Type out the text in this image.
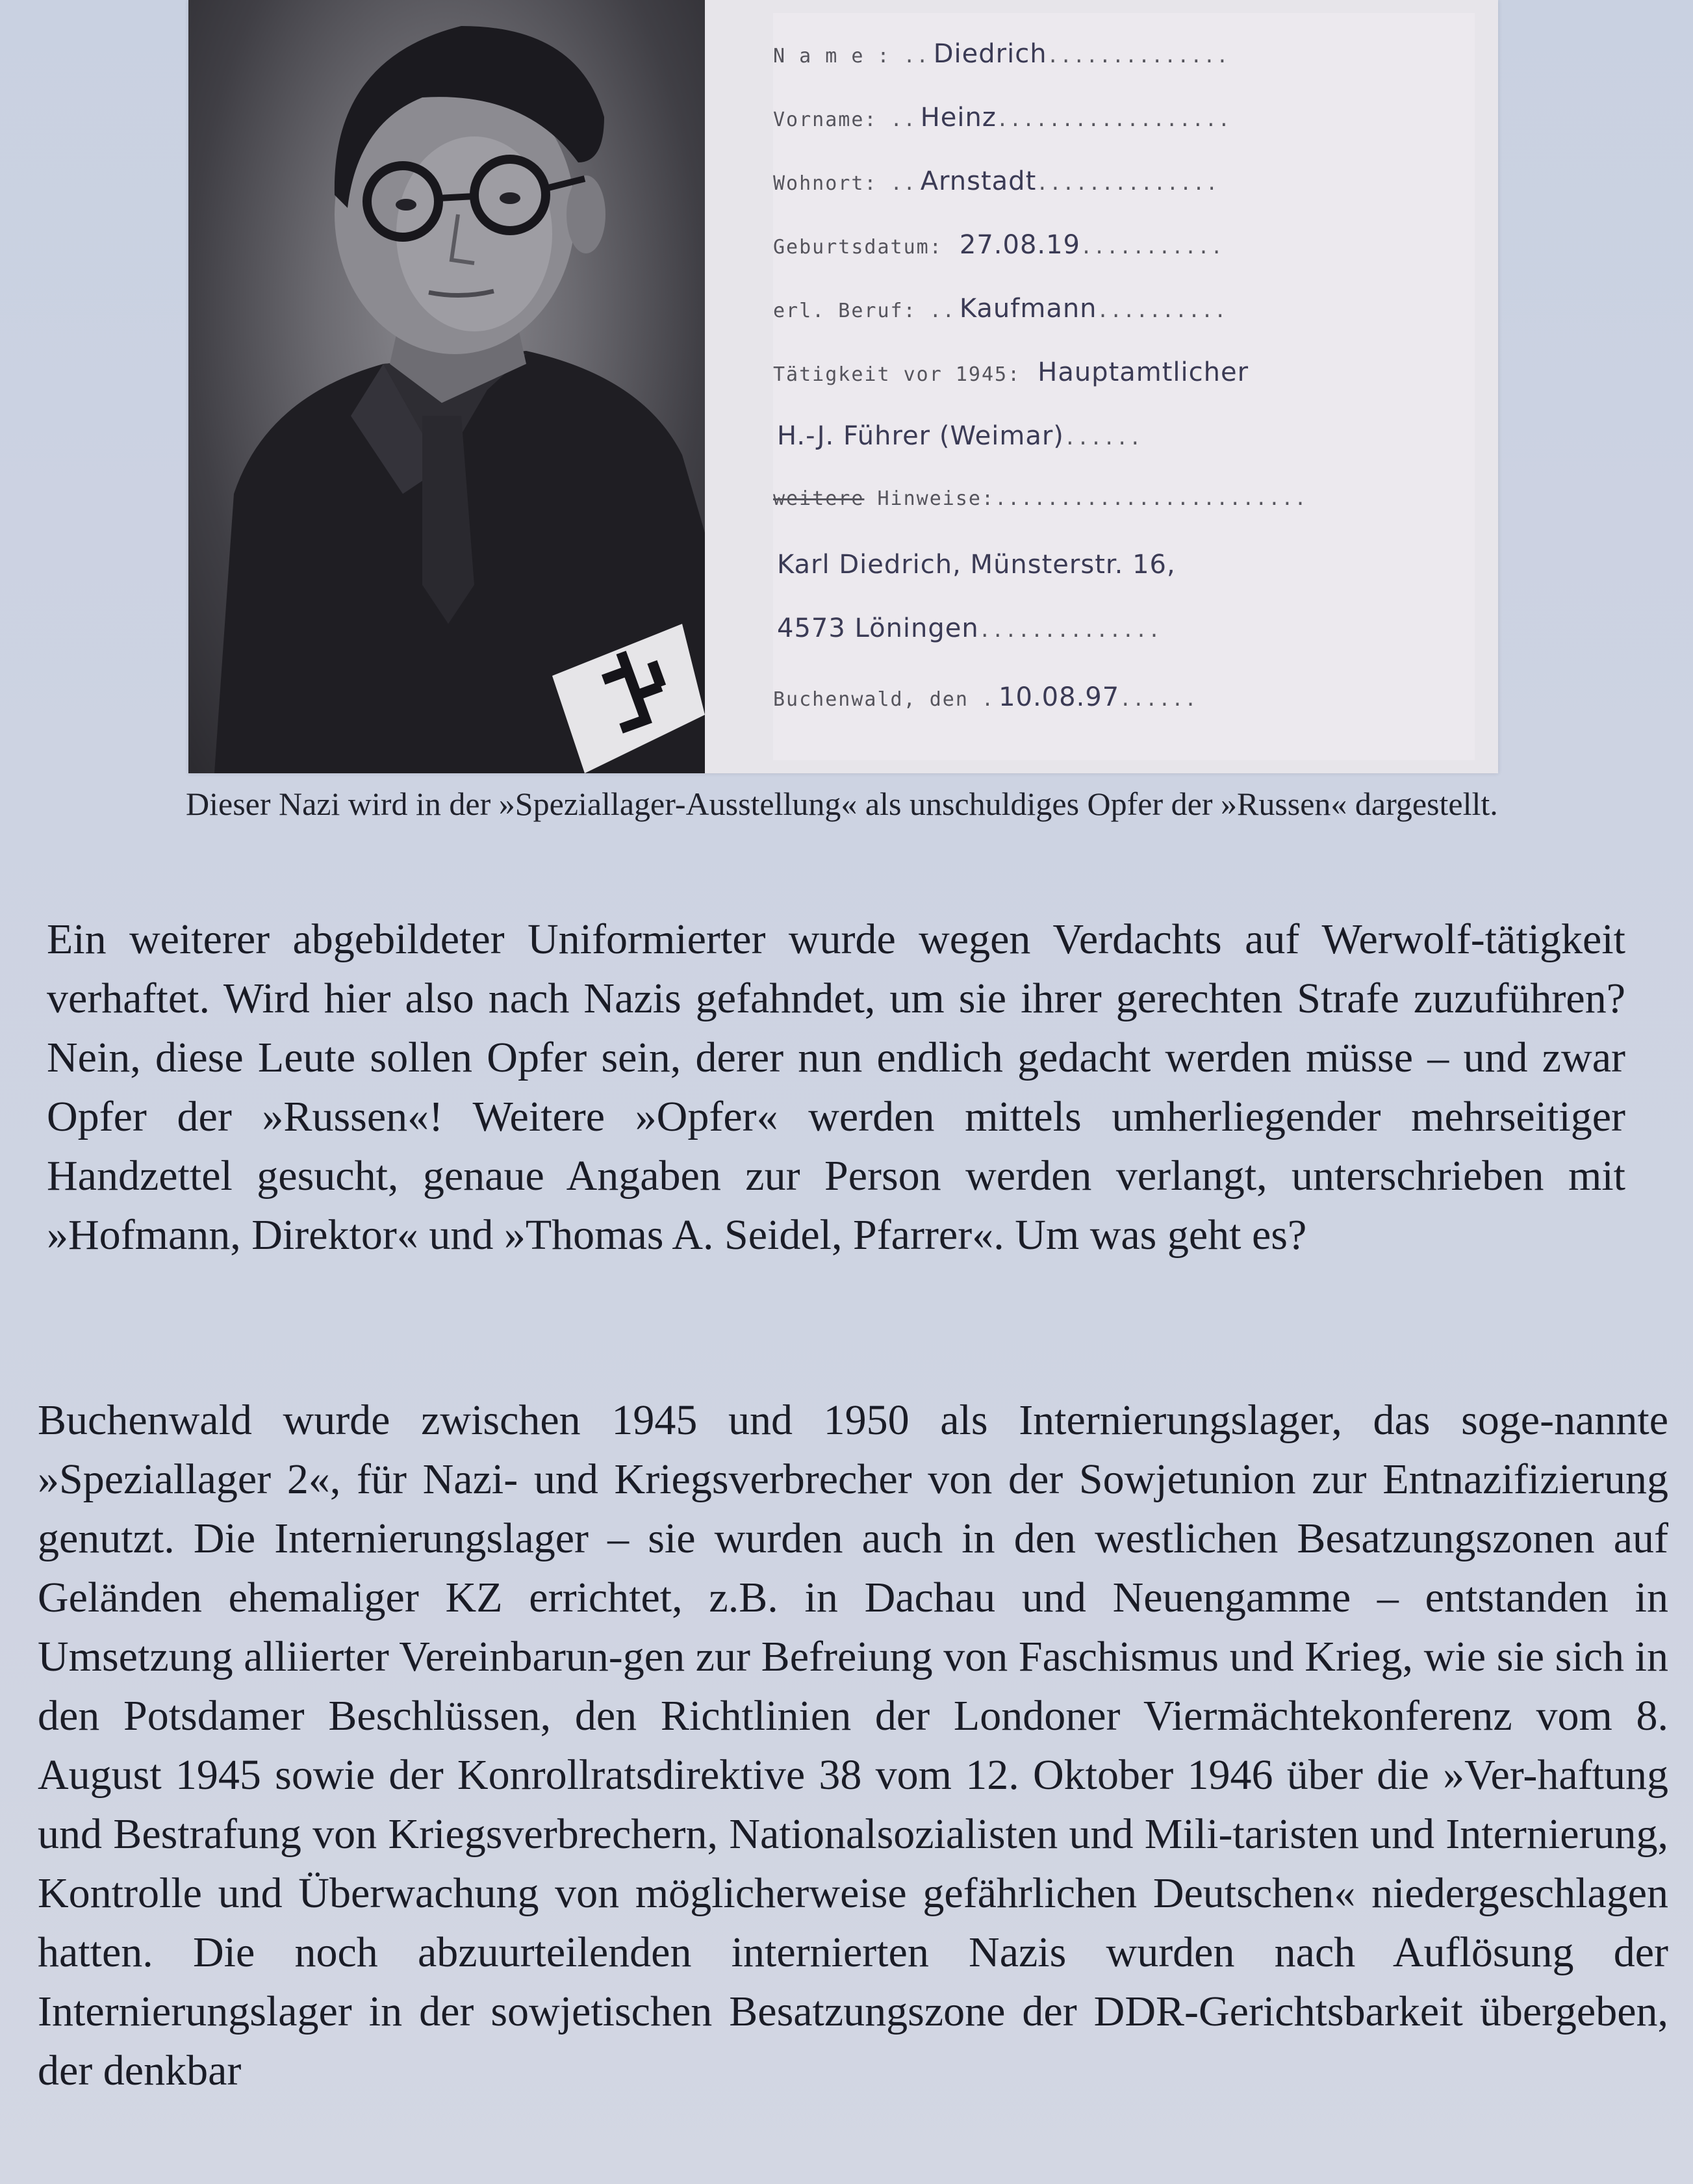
N a m e : .. Diedrich..............
Vorname: .. Heinz..................
Wohnort: .. Arnstadt..............
Geburtsdatum: 27.08.19...........
erl. Beruf: .. Kaufmann..........
Tätigkeit vor 1945: Hauptamtlicher
H.-J. Führer (Weimar)......
weitere Hinweise:........................
Karl Diedrich, Münsterstr. 16,
4573 Löningen..............
Buchenwald, den . 10.08.97......
Dieser Nazi wird in der »Speziallager-Ausstellung« als unschuldiges Opfer der »Russen« dargestellt.
Ein weiterer abgebildeter Uniformierter wurde wegen Verdachts auf Werwolf-tätigkeit verhaftet. Wird hier also nach Nazis gefahndet, um sie ihrer gerechten Strafe zuzuführen? Nein, diese Leute sollen Opfer sein, derer nun endlich gedacht werden müsse – und zwar Opfer der »Russen«! Weitere »Opfer« werden mittels umherliegender mehrseitiger Handzettel gesucht, genaue Angaben zur Person werden verlangt, unterschrieben mit »Hofmann, Direktor« und »Thomas A. Seidel, Pfarrer«. Um was geht es?
Buchenwald wurde zwischen 1945 und 1950 als Internierungslager, das soge-nannte »Speziallager 2«, für Nazi- und Kriegsverbrecher von der Sowjetunion zur Entnazifizierung genutzt. Die Internierungslager – sie wurden auch in den westlichen Besatzungszonen auf Geländen ehemaliger KZ errichtet, z.B. in Dachau und Neuengamme – entstanden in Umsetzung alliierter Vereinbarun-gen zur Befreiung von Faschismus und Krieg, wie sie sich in den Potsdamer Beschlüssen, den Richtlinien der Londoner Viermächtekonferenz vom 8. August 1945 sowie der Konrollratsdirektive 38 vom 12. Oktober 1946 über die »Ver-haftung und Bestrafung von Kriegsverbrechern, Nationalsozialisten und Mili-taristen und Internierung, Kontrolle und Überwachung von möglicherweise gefährlichen Deutschen« niedergeschlagen hatten. Die noch abzuurteilenden internierten Nazis wurden nach Auflösung der Internierungslager in der sowjetischen Besatzungszone der DDR-Gerichtsbarkeit übergeben, der denkbar
